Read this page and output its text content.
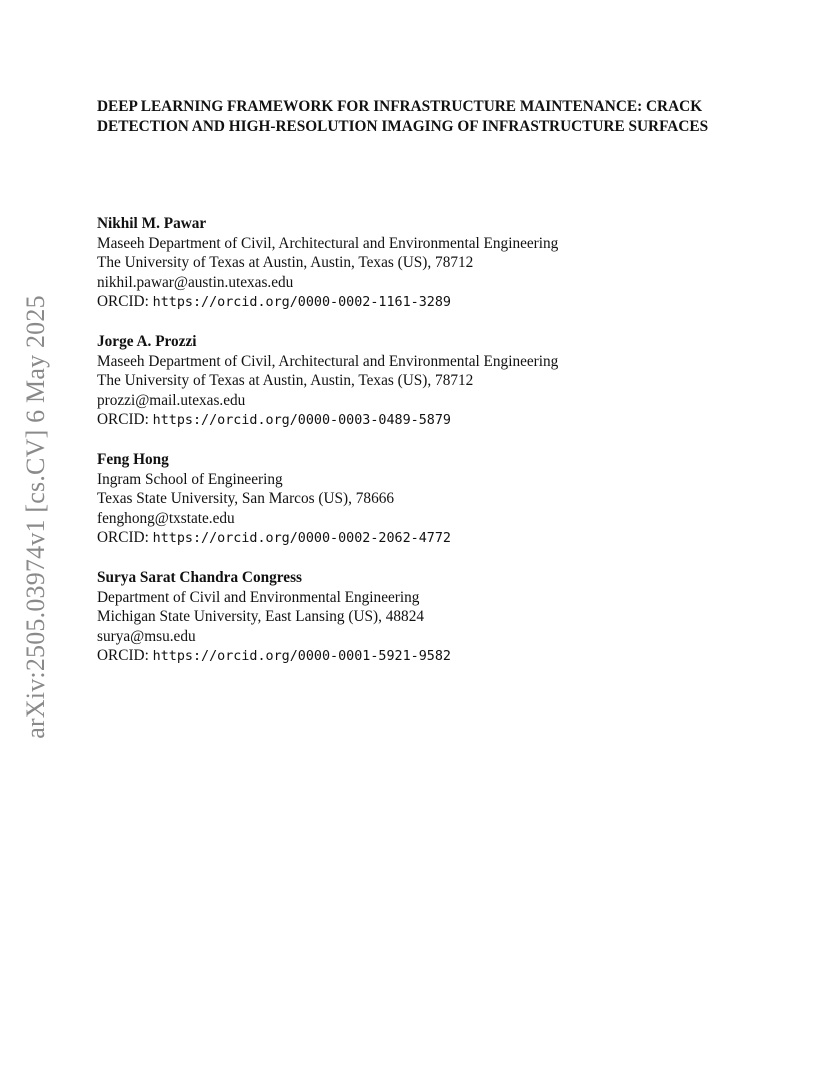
arXiv:2505.03974v1 [cs.CV] 6 May 2025
DEEP LEARNING FRAMEWORK FOR INFRASTRUCTURE MAINTENANCE: CRACK DETECTION AND HIGH-RESOLUTION IMAGING OF INFRASTRUCTURE SURFACES
Nikhil M. Pawar
Maseeh Department of Civil, Architectural and Environmental Engineering
The University of Texas at Austin, Austin, Texas (US), 78712
nikhil.pawar@austin.utexas.edu
ORCID: https://orcid.org/0000-0002-1161-3289
Jorge A. Prozzi
Maseeh Department of Civil, Architectural and Environmental Engineering
The University of Texas at Austin, Austin, Texas (US), 78712
prozzi@mail.utexas.edu
ORCID: https://orcid.org/0000-0003-0489-5879
Feng Hong
Ingram School of Engineering
Texas State University, San Marcos (US), 78666
fenghong@txstate.edu
ORCID: https://orcid.org/0000-0002-2062-4772
Surya Sarat Chandra Congress
Department of Civil and Environmental Engineering
Michigan State University, East Lansing (US), 48824
surya@msu.edu
ORCID: https://orcid.org/0000-0001-5921-9582
